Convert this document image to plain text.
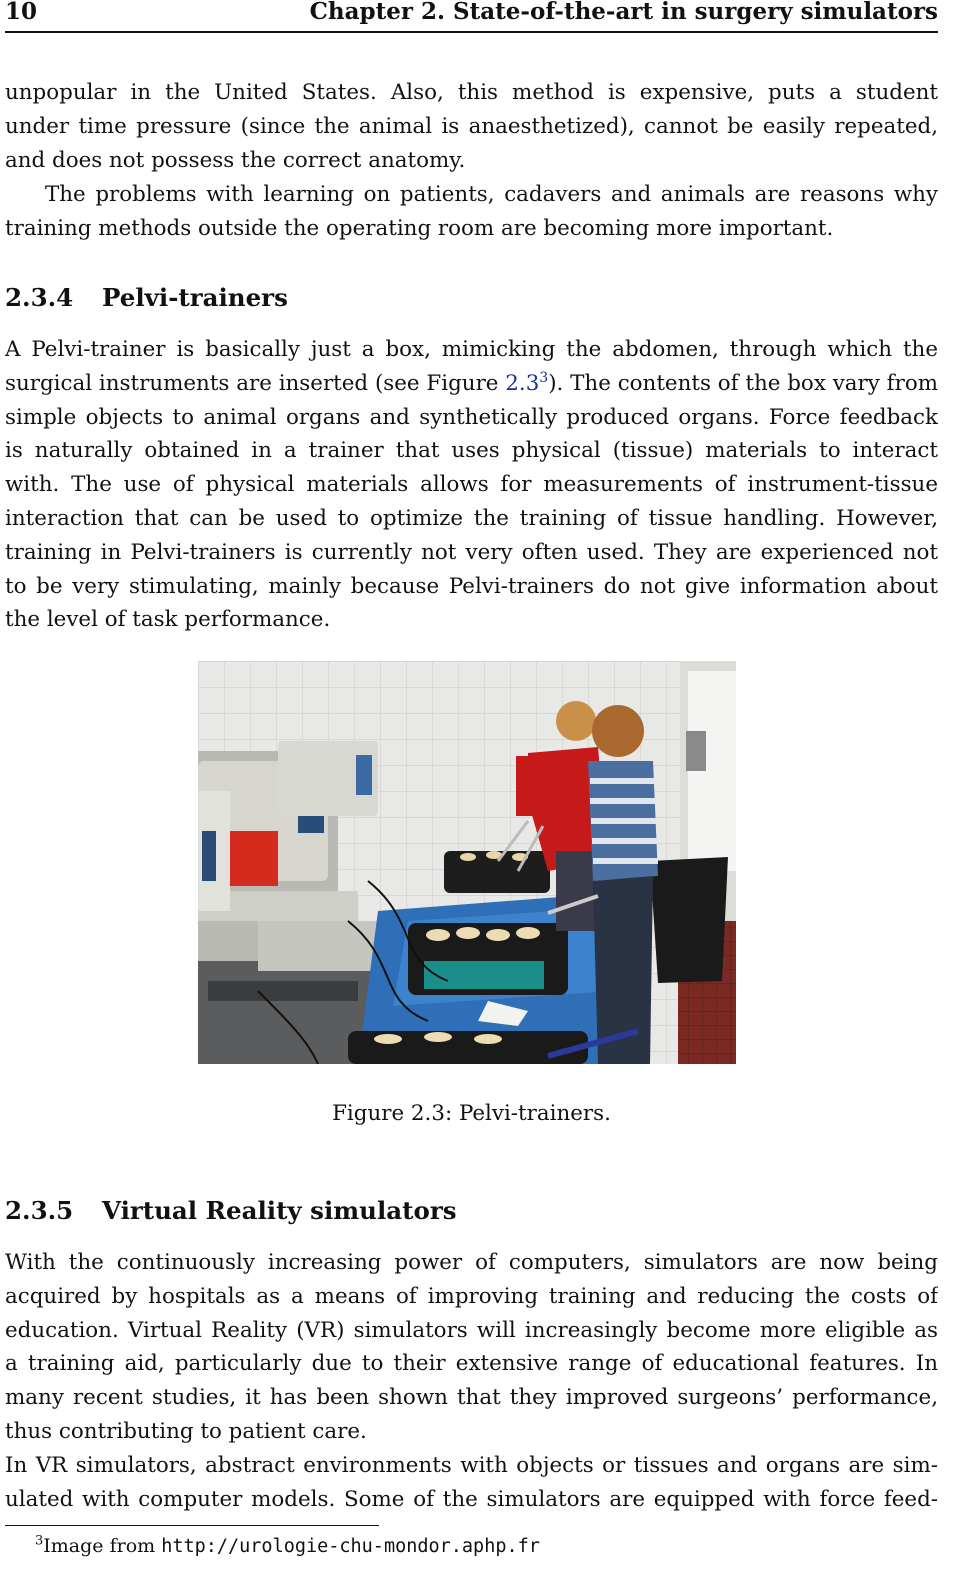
10	Chapter 2. State-of-the-art in surgery simulators
unpopular in the United States. Also, this method is expensive, puts a student
under time pressure (since the animal is anaesthetized), cannot be easily repeated,
and does not possess the correct anatomy.
The problems with learning on patients, cadavers and animals are reasons why
training methods outside the operating room are becoming more important.
2.3.4 Pelvi-trainers
A Pelvi-trainer is basically just a box, mimicking the abdomen, through which the
surgical instruments are inserted (see Figure $2.3^3$). The contents of the box vary from
simple objects to animal organs and synthetically produced organs. Force feedback
is naturally obtained in a trainer that uses physical (tissue) materials to interact
with. The use of physical materials allows for measurements of instrument-tissue
interaction that can be used to optimize the training of tissue handling. However,
training in Pelvi-trainers is currently not very often used. They are experienced not
to be very stimulating, mainly because Pelvi-trainers do not give information about
the level of task performance.
Figure 2.3: Pelvi-trainers.
2.3.5 Virtual Reality simulators
With the continuously increasing power of computers, simulators are now being
acquired by hospitals as a means of improving training and reducing the costs of
education. Virtual Reality (VR) simulators will increasingly become more eligible as
a training aid, particularly due to their extensive range of educational features. In
many recent studies, it has been shown that they improved surgeons’ performance,
thus contributing to patient care.
In VR simulators, abstract environments with objects or tissues and organs are sim-
ulated with computer models. Some of the simulators are equipped with force feed-
$^3$Image from http://urologie-chu-mondor.aphp.fr
